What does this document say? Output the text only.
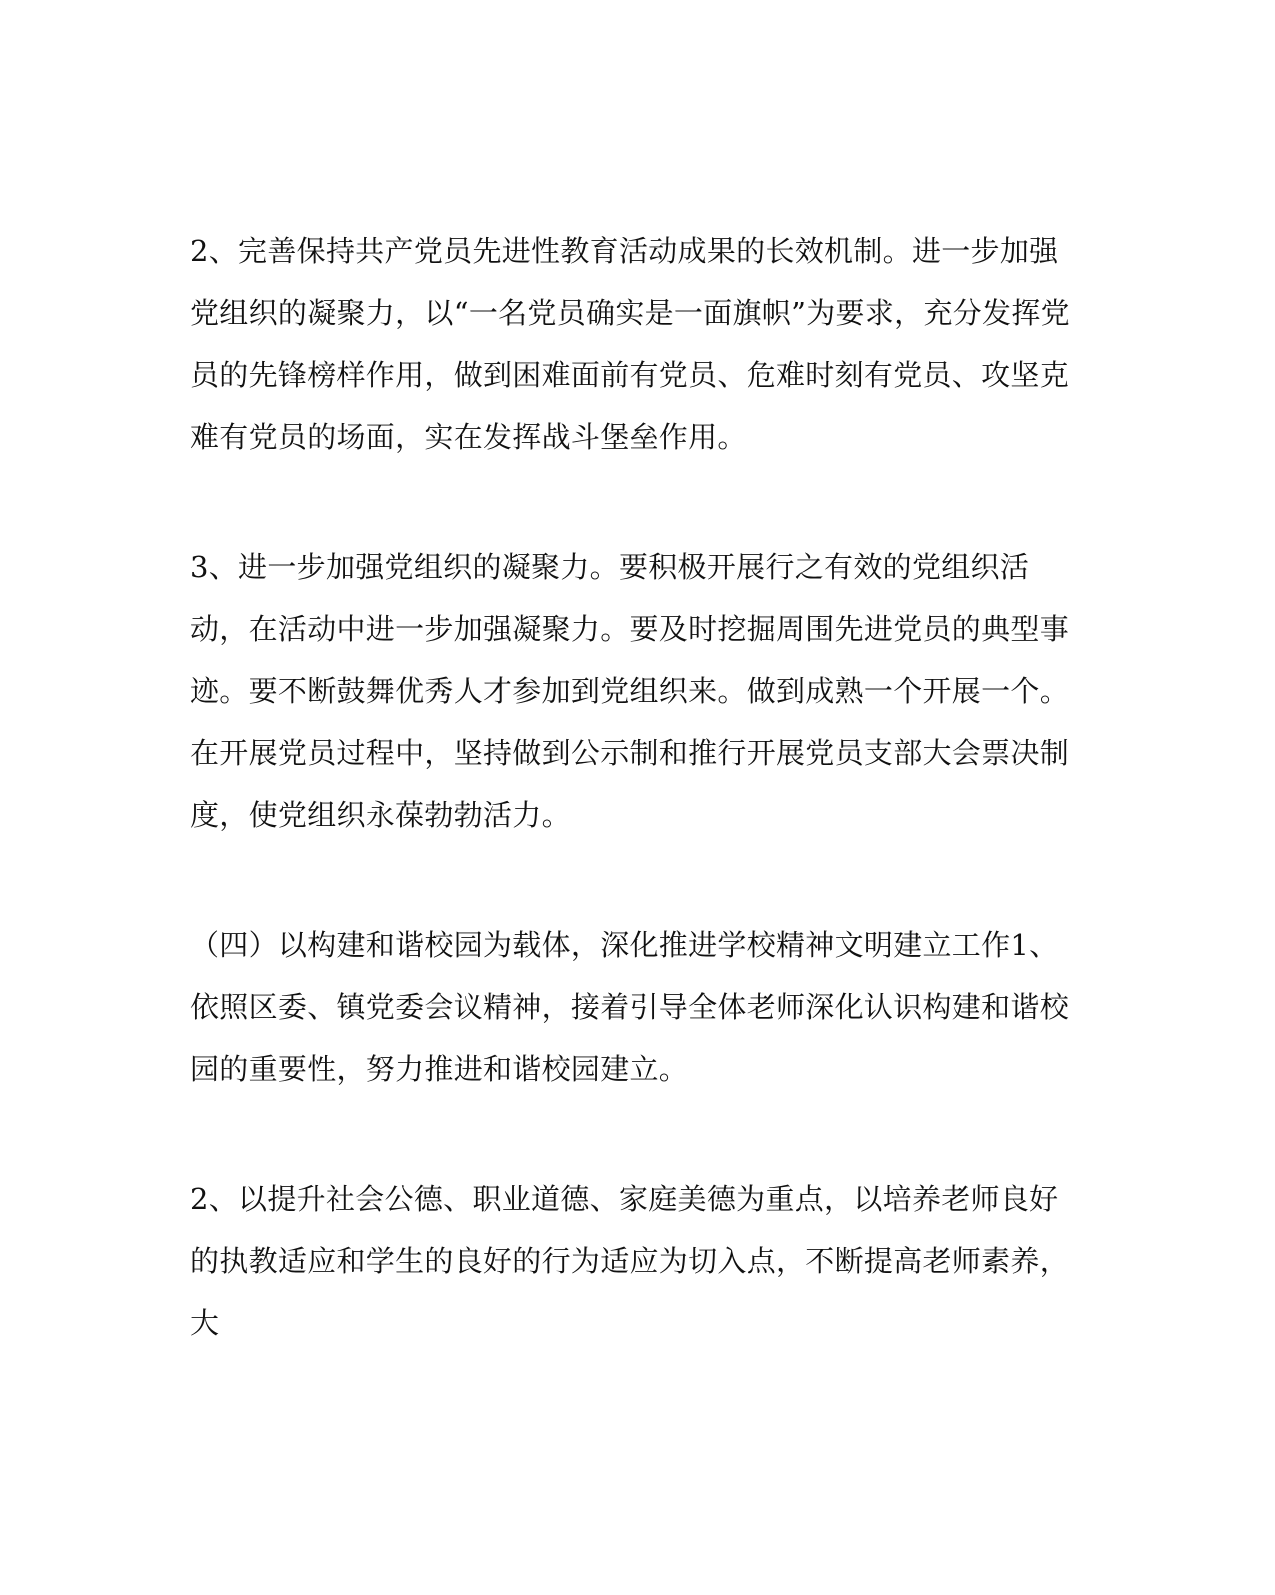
2、完善保持共产党员先进性教育活动成果的长效机制。进一步加强党组织的凝聚力，以“一名党员确实是一面旗帜”为要求，充分发挥党员的先锋榜样作用，做到困难面前有党员、危难时刻有党员、攻坚克难有党员的场面，实在发挥战斗堡垒作用。

3、进一步加强党组织的凝聚力。要积极开展行之有效的党组织活动，在活动中进一步加强凝聚力。要及时挖掘周围先进党员的典型事迹。要不断鼓舞优秀人才参加到党组织来。做到成熟一个开展一个。在开展党员过程中，坚持做到公示制和推行开展党员支部大会票决制度，使党组织永葆勃勃活力。

（四）以构建和谐校园为载体，深化推进学校精神文明建立工作1、依照区委、镇党委会议精神，接着引导全体老师深化认识构建和谐校园的重要性，努力推进和谐校园建立。

2、以提升社会公德、职业道德、家庭美德为重点，以培养老师良好的执教适应和学生的良好的行为适应为切入点，不断提高老师素养，大
